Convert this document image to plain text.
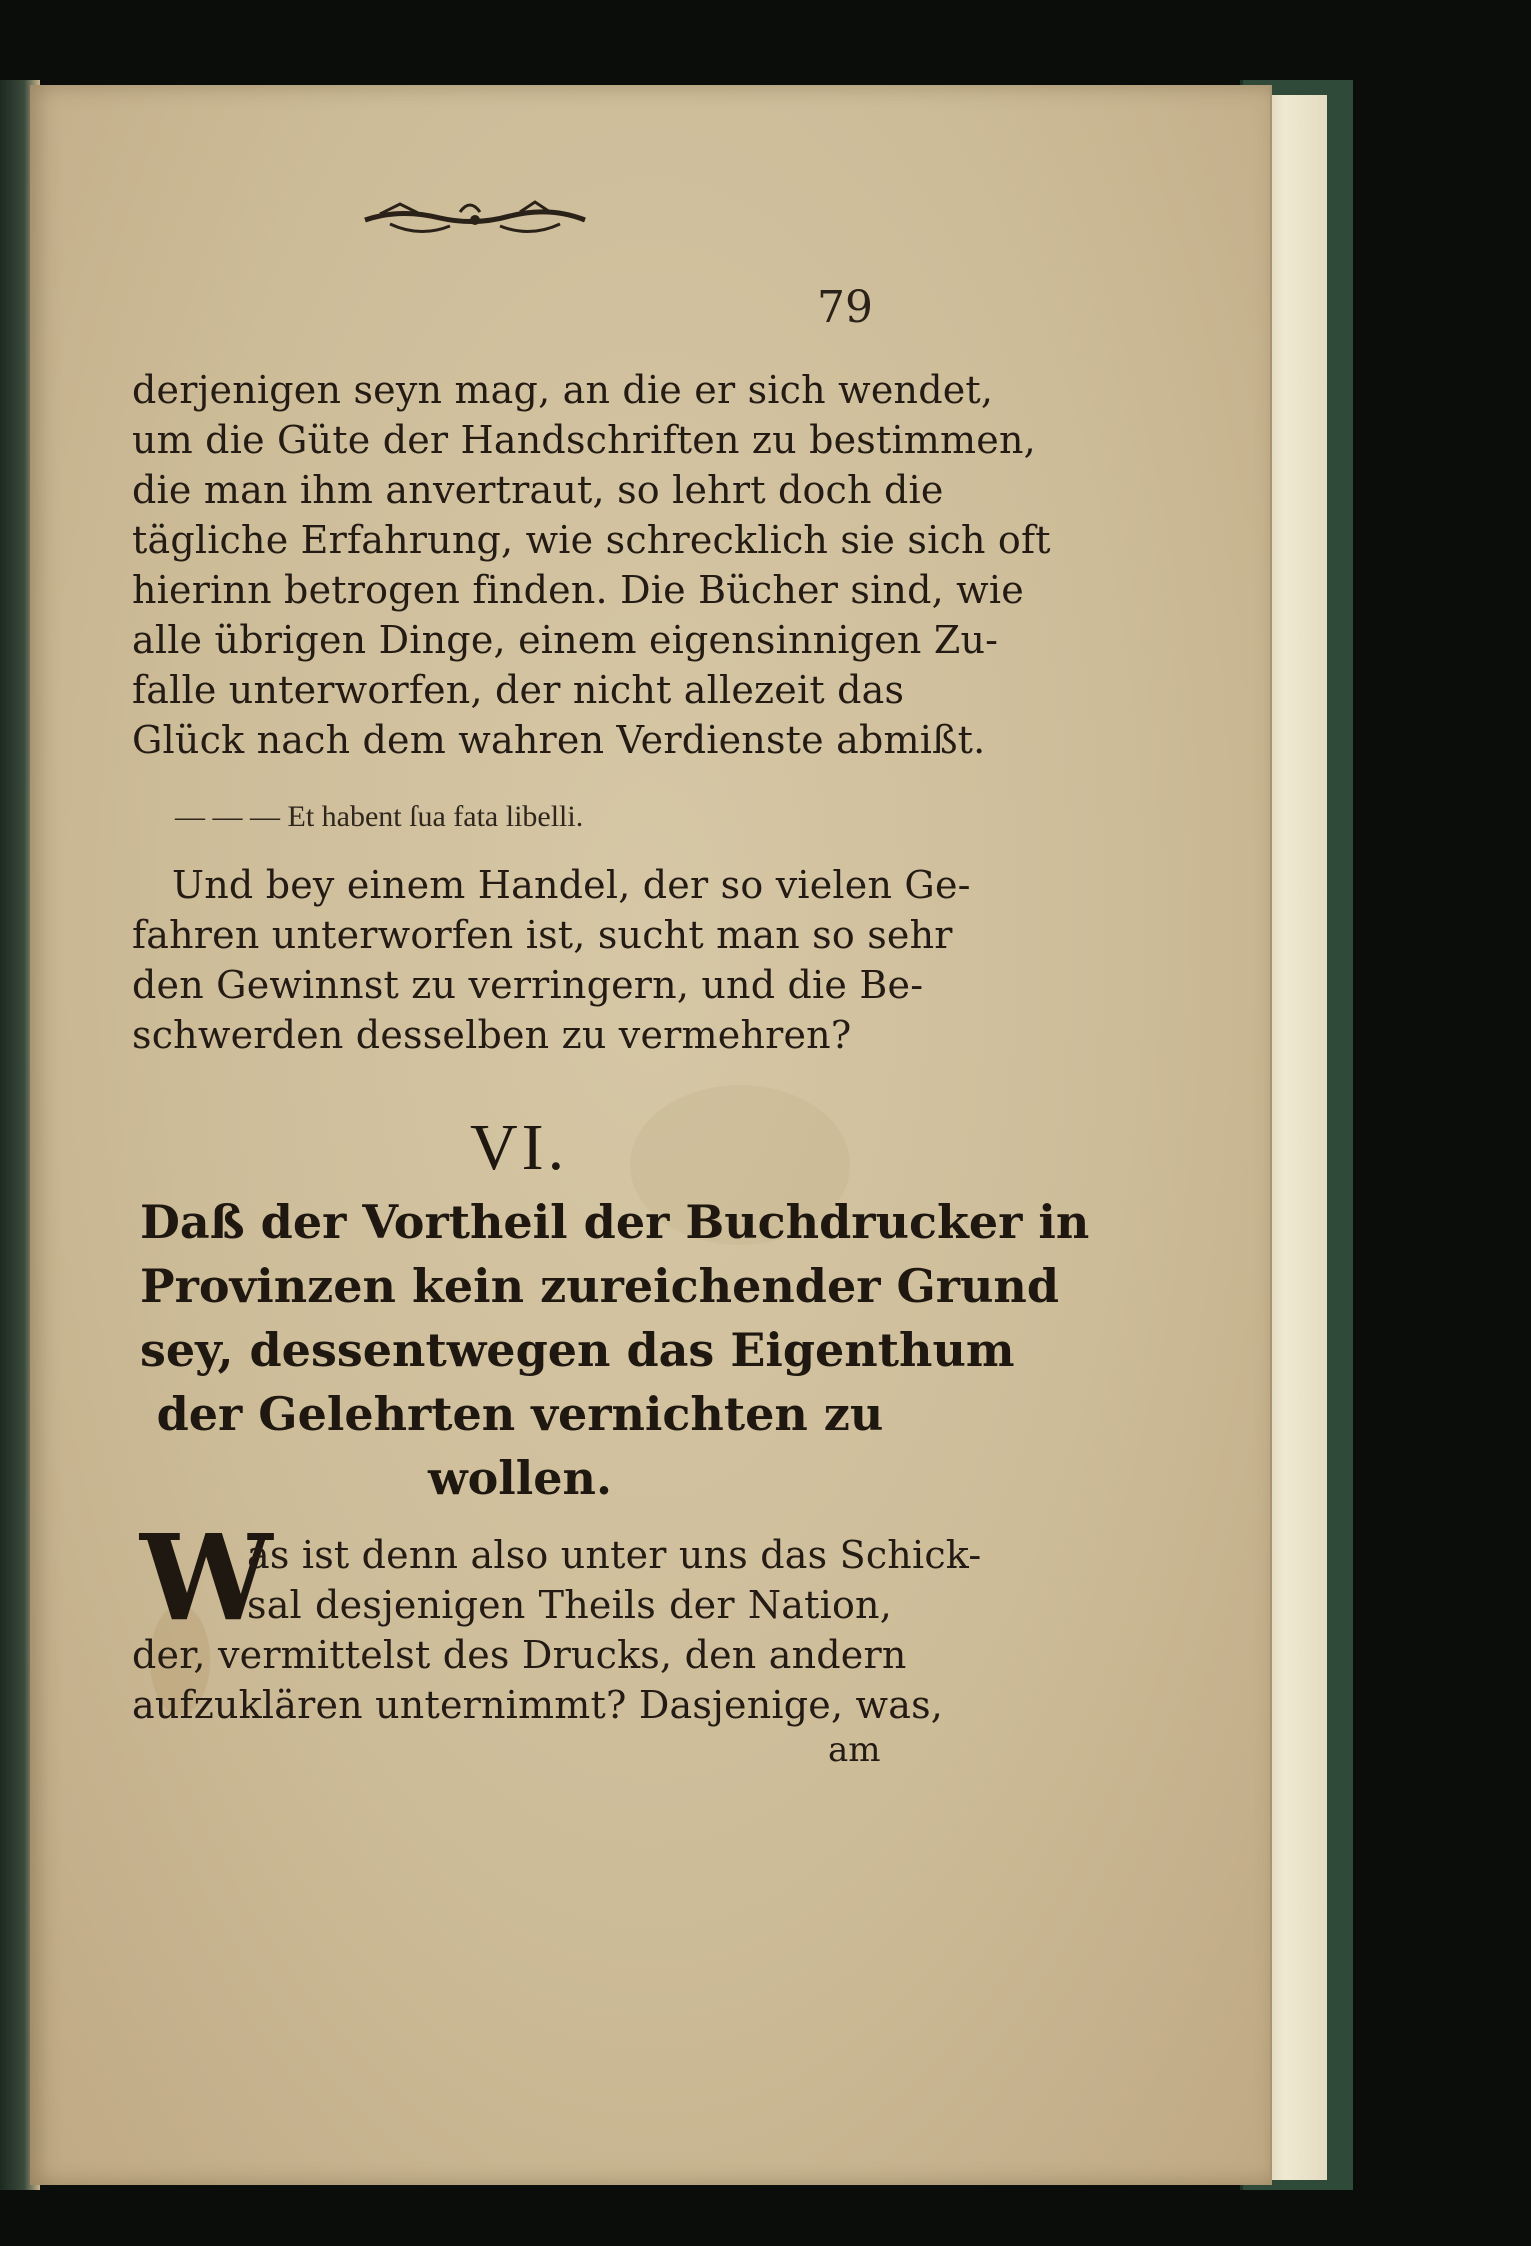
79
derjenigen seyn mag, an die er sich wendet,
um die Güte der Handschriften zu bestimmen,
die man ihm anvertraut, so lehrt doch die
tägliche Erfahrung, wie schrecklich sie sich oft
hierinn betrogen finden. Die Bücher sind, wie
alle übrigen Dinge, einem eigensinnigen Zu-
falle unterworfen, der nicht allezeit das
Glück nach dem wahren Verdienste abmißt.
— — — Et habent ſua fata libelli.
Und bey einem Handel, der so vielen Ge-
fahren unterworfen ist, sucht man so sehr
den Gewinnst zu verringern, und die Be-
schwerden desselben zu vermehren?
VI.
Daß der Vortheil der Buchdrucker in
Provinzen kein zureichender Grund
sey, dessentwegen das Eigenthum
der Gelehrten vernichten zu
wollen.
W
as ist denn also unter uns das Schick-
sal desjenigen Theils der Nation,
der, vermittelst des Drucks, den andern
aufzuklären unternimmt? Dasjenige, was,
am
